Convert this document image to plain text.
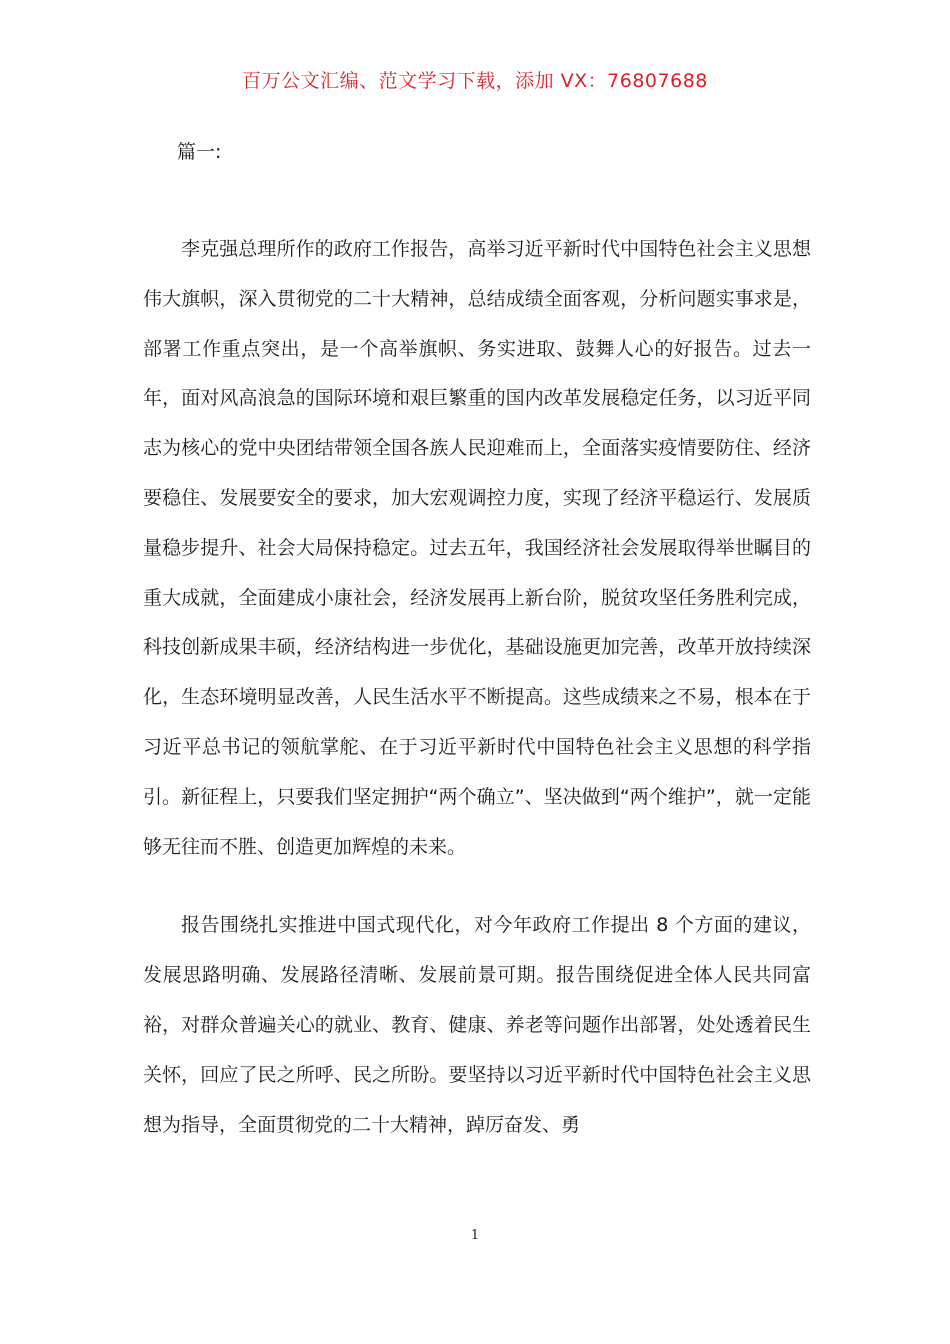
百万公文汇编、范文学习下载，添加 VX：76807688

篇一:

李克强总理所作的政府工作报告，高举习近平新时代中国特色社会主义思想伟大旗帜，深入贯彻党的二十大精神，总结成绩全面客观，分析问题实事求是，部署工作重点突出，是一个高举旗帜、务实进取、鼓舞人心的好报告。过去一年，面对风高浪急的国际环境和艰巨繁重的国内改革发展稳定任务，以习近平同志为核心的党中央团结带领全国各族人民迎难而上，全面落实疫情要防住、经济要稳住、发展要安全的要求，加大宏观调控力度，实现了经济平稳运行、发展质量稳步提升、社会大局保持稳定。过去五年，我国经济社会发展取得举世瞩目的重大成就，全面建成小康社会，经济发展再上新台阶，脱贫攻坚任务胜利完成，科技创新成果丰硕，经济结构进一步优化，基础设施更加完善，改革开放持续深化，生态环境明显改善，人民生活水平不断提高。这些成绩来之不易，根本在于习近平总书记的领航掌舵、在于习近平新时代中国特色社会主义思想的科学指引。新征程上，只要我们坚定拥护“两个确立”、坚决做到“两个维护”，就一定能够无往而不胜、创造更加辉煌的未来。

报告围绕扎实推进中国式现代化，对今年政府工作提出 8 个方面的建议，发展思路明确、发展路径清晰、发展前景可期。报告围绕促进全体人民共同富裕，对群众普遍关心的就业、教育、健康、养老等问题作出部署，处处透着民生关怀，回应了民之所呼、民之所盼。要坚持以习近平新时代中国特色社会主义思想为指导，全面贯彻党的二十大精神，踔厉奋发、勇

1
